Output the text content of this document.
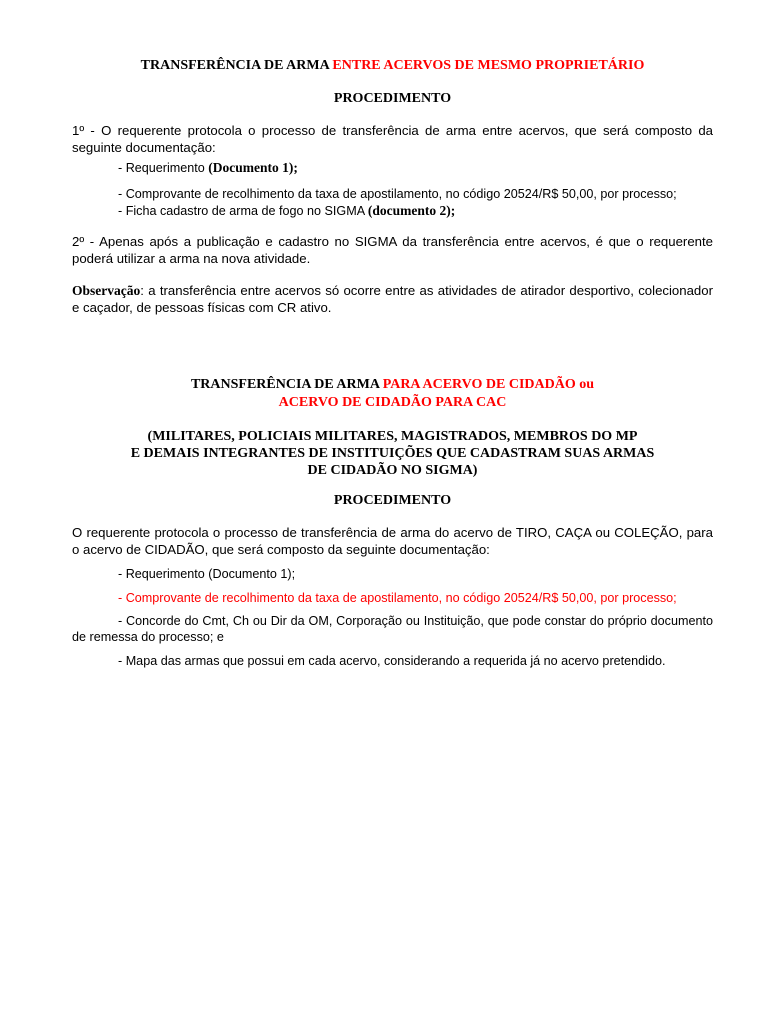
TRANSFERÊNCIA DE ARMA ENTRE ACERVOS DE MESMO PROPRIETÁRIO
PROCEDIMENTO
1º - O requerente protocola o processo de transferência de arma entre acervos, que será composto da seguinte documentação:
- Requerimento (Documento 1);
- Comprovante de recolhimento da taxa de apostilamento, no código 20524/R$ 50,00, por processo;
- Ficha cadastro de arma de fogo no SIGMA (documento 2);
2º - Apenas após a publicação e cadastro no SIGMA da transferência entre acervos, é que o requerente poderá utilizar a arma na nova atividade.
Observação: a transferência entre acervos só ocorre entre as atividades de atirador desportivo, colecionador e caçador, de pessoas físicas com CR ativo.
TRANSFERÊNCIA DE ARMA PARA ACERVO DE CIDADÃO ou
ACERVO DE CIDADÃO PARA CAC
(MILITARES, POLICIAIS MILITARES, MAGISTRADOS, MEMBROS DO MP
E DEMAIS INTEGRANTES DE INSTITUIÇÕES QUE CADASTRAM SUAS ARMAS
DE CIDADÃO NO SIGMA)
PROCEDIMENTO
O requerente protocola o processo de transferência de arma do acervo de TIRO, CAÇA ou COLEÇÃO, para o acervo de CIDADÃO, que será composto da seguinte documentação:
- Requerimento (Documento 1);
- Comprovante de recolhimento da taxa de apostilamento, no código 20524/R$ 50,00, por processo;
- Concorde do Cmt, Ch ou Dir da OM, Corporação ou Instituição, que pode constar do próprio documento de remessa do processo; e
- Mapa das armas que possui em cada acervo, considerando a requerida já no acervo pretendido.
